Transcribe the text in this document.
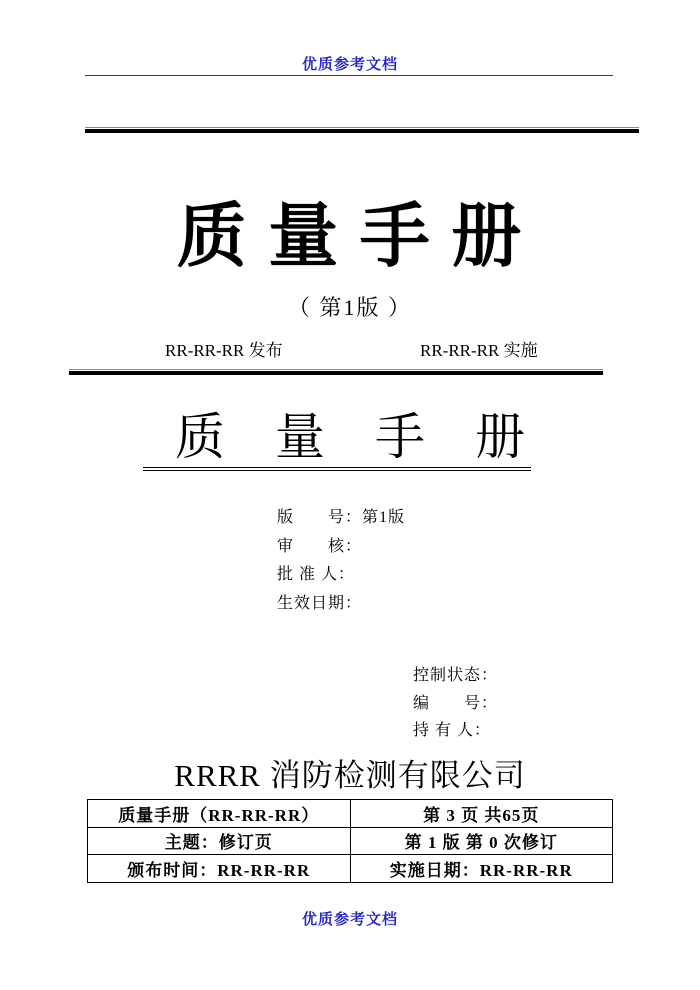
优质参考文档
质 量 手 册
（ 第1版 ）
RR-RR-RR 发布	RR-RR-RR 实施
质　量　手　册
版　　号：第1版
审　　核：
批 准 人：
生效日期：
控制状态：
编　　号：
持 有 人：
RRRR 消防检测有限公司
质量手册（RR-RR-RR）	第 3 页 共65页
主题：修订页	第 1 版 第 0 次修订
颁布时间：RR-RR-RR	实施日期：RR-RR-RR
优质参考文档
